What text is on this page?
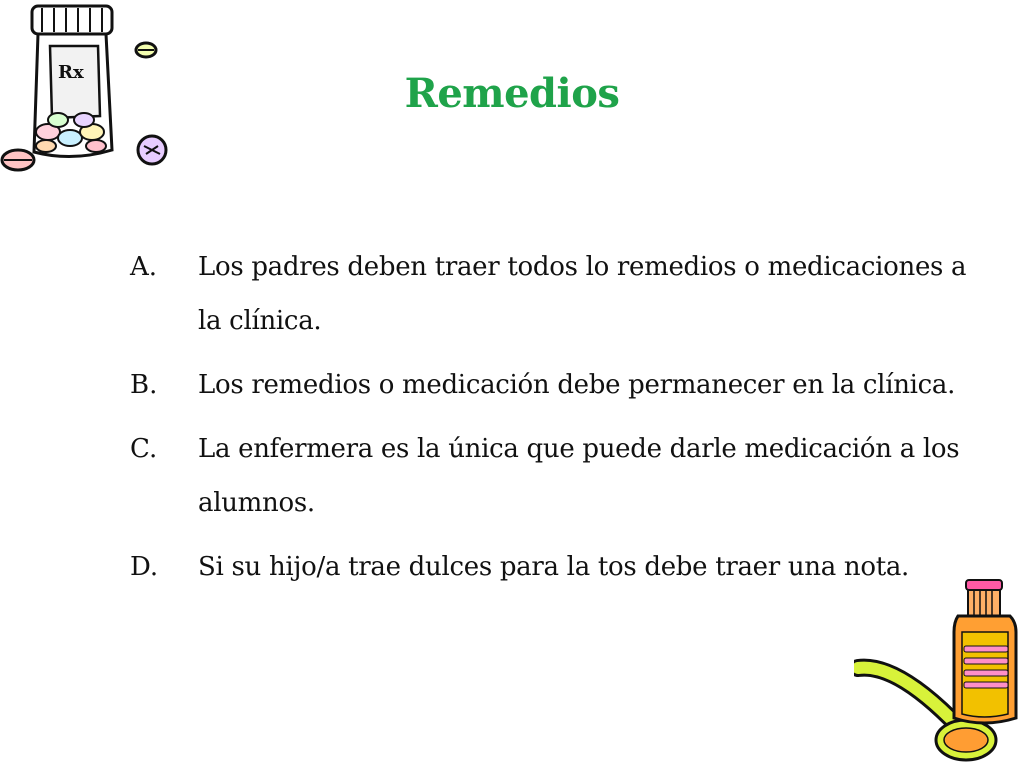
Rx	Remedios
A.	Los padres deben traer todos lo remedios o medicaciones a la clínica.
B.	Los remedios o medicación debe permanecer en la clínica.
C.	La enfermera es la única que puede darle medicación a los alumnos.
D.	Si su hijo/a trae dulces para la tos debe traer una nota.
